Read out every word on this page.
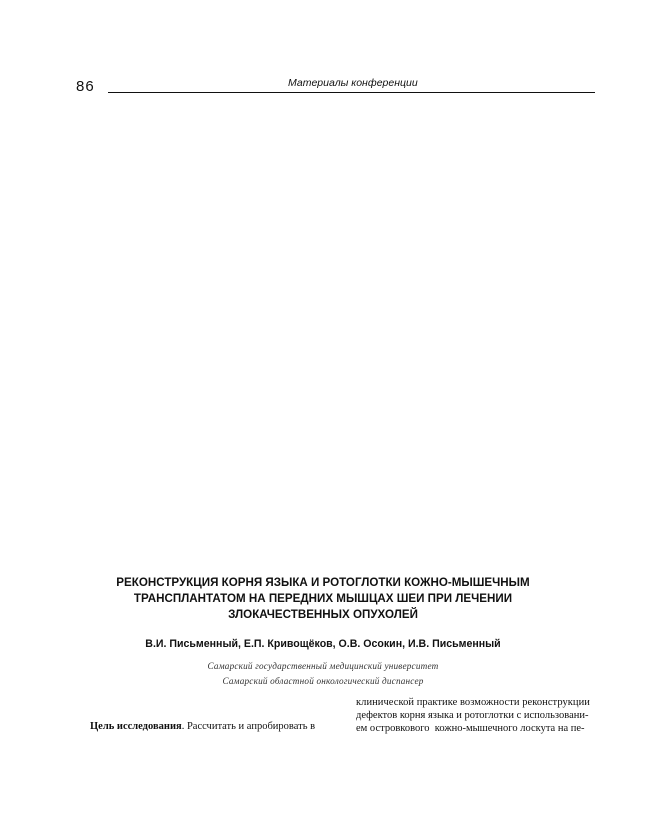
86	Материалы конференции
РЕКОНСТРУКЦИЯ КОРНЯ ЯЗЫКА И РОТОГЛОТКИ КОЖНО-МЫШЕЧНЫМ
ТРАНСПЛАНТАТОМ НА ПЕРЕДНИХ МЫШЦАХ ШЕИ ПРИ ЛЕЧЕНИИ
ЗЛОКАЧЕСТВЕННЫХ ОПУХОЛЕЙ
В.И. Письменный, Е.П. Кривощёков, О.В. Осокин, И.В. Письменный
Самарский государственный медицинский университет
Самарский областной онкологический диспансер
клинической практике возможности реконструкции
дефектов корня языка и ротоглотки с использовани-
ем островкового  кожно-мышечного лоскута на пе-
Цель исследования. Рассчитать и апробировать в
